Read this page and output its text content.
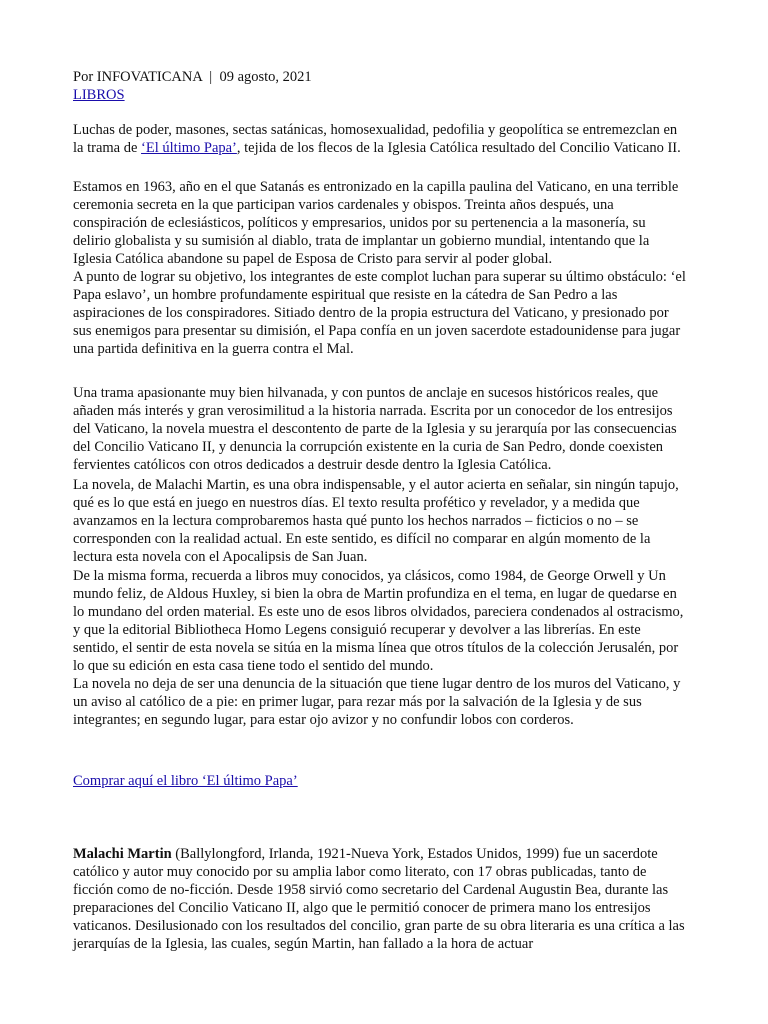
Por INFOVATICANA | 09 agosto, 2021
LIBROS

Luchas de poder, masones, sectas satánicas, homosexualidad, pedofilia y geopolítica se entremezclan en la trama de ‘El último Papa’, tejida de los flecos de la Iglesia Católica resultado del Concilio Vaticano II.

Estamos en 1963, año en el que Satanás es entronizado en la capilla paulina del Vaticano, en una terrible ceremonia secreta en la que participan varios cardenales y obispos. Treinta años después, una conspiración de eclesiásticos, políticos y empresarios, unidos por su pertenencia a la masonería, su delirio globalista y su sumisión al diablo, trata de implantar un gobierno mundial, intentando que la Iglesia Católica abandone su papel de Esposa de Cristo para servir al poder global.

A punto de lograr su objetivo, los integrantes de este complot luchan para superar su último obstáculo: ‘el Papa eslavo’, un hombre profundamente espiritual que resiste en la cátedra de San Pedro a las aspiraciones de los conspiradores. Sitiado dentro de la propia estructura del Vaticano, y presionado por sus enemigos para presentar su dimisión, el Papa confía en un joven sacerdote estadounidense para jugar una partida definitiva en la guerra contra el Mal.

Una trama apasionante muy bien hilvanada, y con puntos de anclaje en sucesos históricos reales, que añaden más interés y gran verosimilitud a la historia narrada. Escrita por un conocedor de los entresijos del Vaticano, la novela muestra el descontento de parte de la Iglesia y su jerarquía por las consecuencias del Concilio Vaticano II, y denuncia la corrupción existente en la curia de San Pedro, donde coexisten fervientes católicos con otros dedicados a destruir desde dentro la Iglesia Católica.

La novela, de Malachi Martin, es una obra indispensable, y el autor acierta en señalar, sin ningún tapujo, qué es lo que está en juego en nuestros días. El texto resulta profético y revelador, y a medida que avanzamos en la lectura comprobaremos hasta qué punto los hechos narrados – ficticios o no – se corresponden con la realidad actual. En este sentido, es difícil no comparar en algún momento de la lectura esta novela con el Apocalipsis de San Juan.

De la misma forma, recuerda a libros muy conocidos, ya clásicos, como 1984, de George Orwell y Un mundo feliz, de Aldous Huxley, si bien la obra de Martin profundiza en el tema, en lugar de quedarse en lo mundano del orden material. Es este uno de esos libros olvidados, pareciera condenados al ostracismo, y que la editorial Bibliotheca Homo Legens consiguió recuperar y devolver a las librerías. En este sentido, el sentir de esta novela se sitúa en la misma línea que otros títulos de la colección Jerusalén, por lo que su edición en esta casa tiene todo el sentido del mundo.

La novela no deja de ser una denuncia de la situación que tiene lugar dentro de los muros del Vaticano, y un aviso al católico de a pie: en primer lugar, para rezar más por la salvación de la Iglesia y de sus integrantes; en segundo lugar, para estar ojo avizor y no confundir lobos con corderos.

Comprar aquí el libro ‘El último Papa’

Malachi Martin (Ballylongford, Irlanda, 1921-Nueva York, Estados Unidos, 1999) fue un sacerdote católico y autor muy conocido por su amplia labor como literato, con 17 obras publicadas, tanto de ficción como de no-ficción. Desde 1958 sirvió como secretario del Cardenal Augustin Bea, durante las preparaciones del Concilio Vaticano II, algo que le permitió conocer de primera mano los entresijos vaticanos. Desilusionado con los resultados del concilio, gran parte de su obra literaria es una crítica a las jerarquías de la Iglesia, las cuales, según Martin, han fallado a la hora de actuar
